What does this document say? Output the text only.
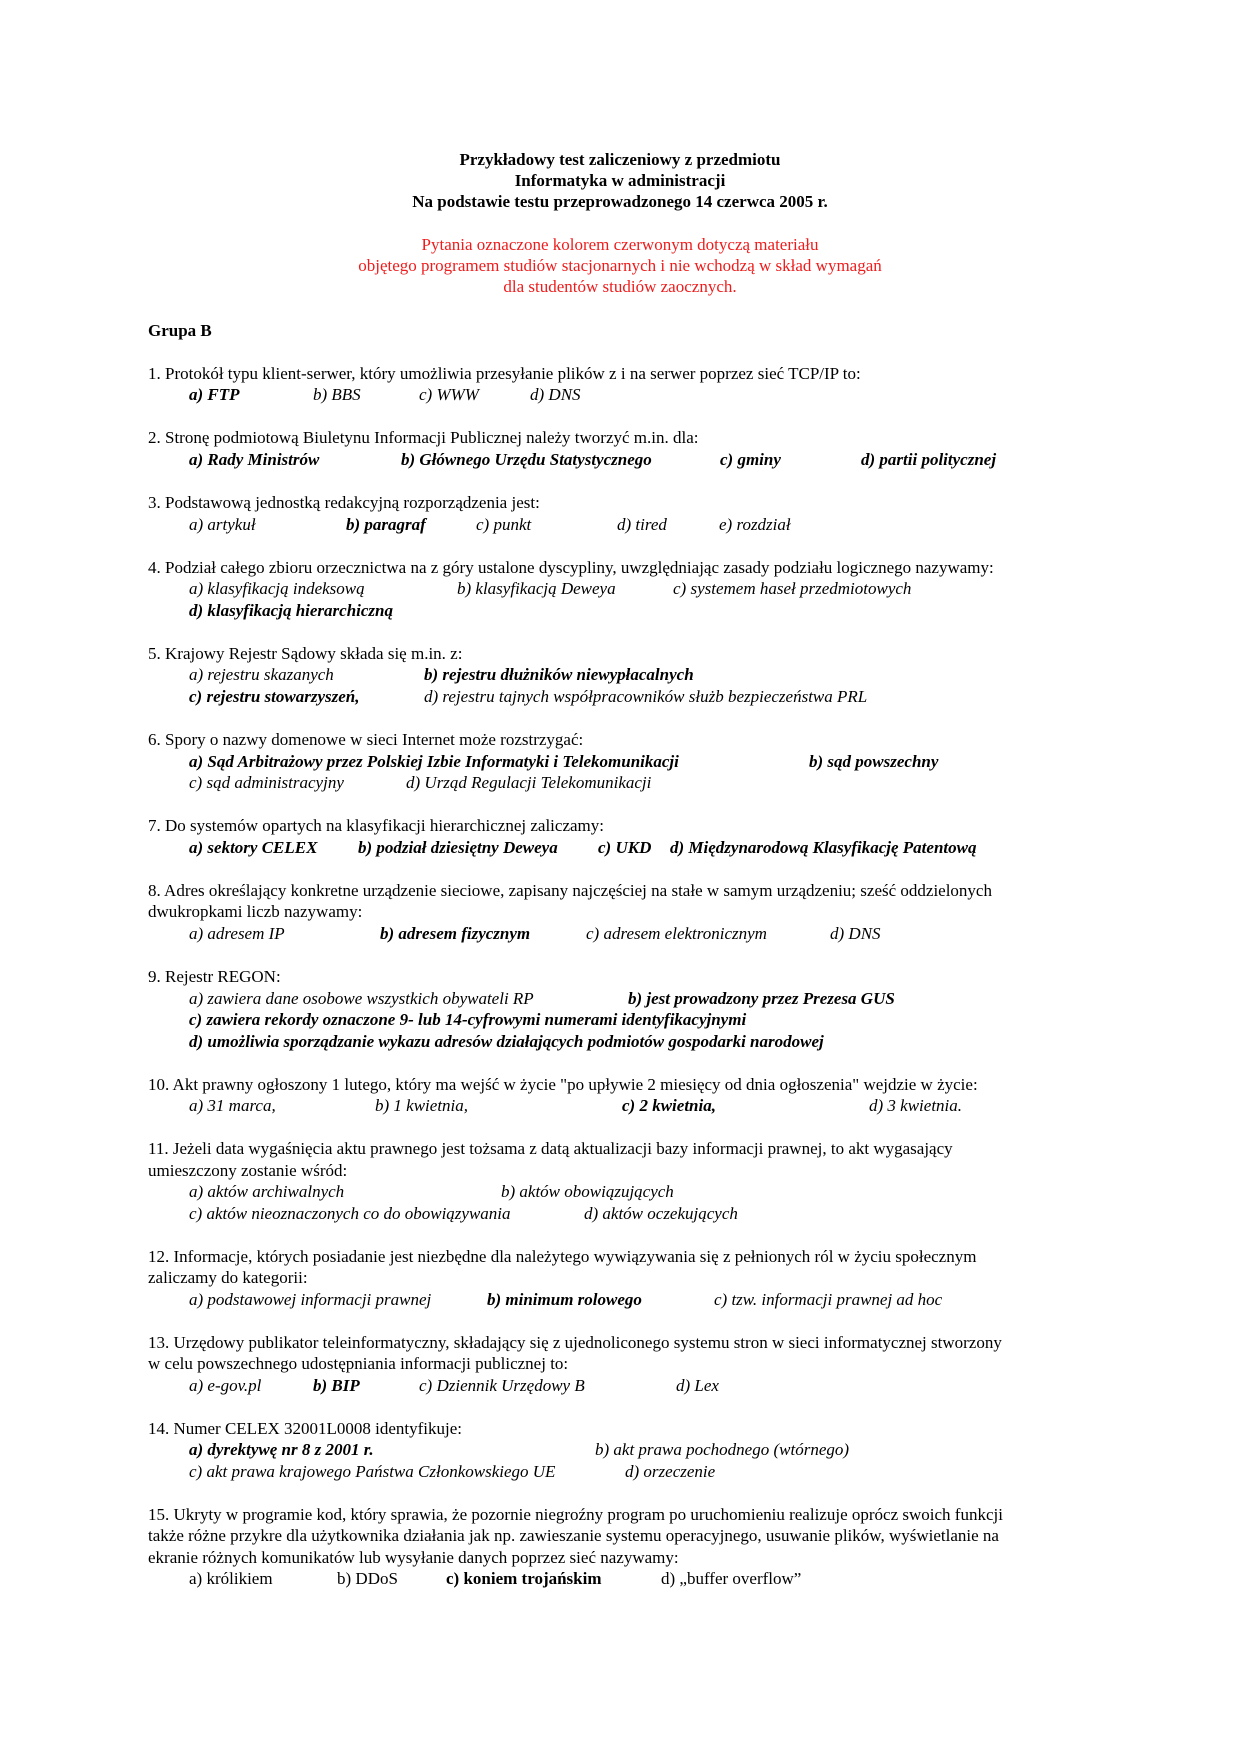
Przykładowy test zaliczeniowy z przedmiotu
Informatyka w administracji
Na podstawie testu przeprowadzonego 14 czerwca 2005 r.
Pytania oznaczone kolorem czerwonym dotyczą materiału
objętego programem studiów stacjonarnych i nie wchodzą w skład wymagań
dla studentów studiów zaocznych.
Grupa B
1. Protokół typu klient-serwer, który umożliwia przesyłanie plików z i na serwer poprzez sieć TCP/IP to:
a) FTP	b) BBS	c) WWW	d) DNS
2. Stronę podmiotową Biuletynu Informacji Publicznej należy tworzyć m.in. dla:
a) Rady Ministrów	b) Głównego Urzędu Statystycznego	c) gminy	d) partii politycznej
3. Podstawową jednostką redakcyjną rozporządzenia jest:
a) artykuł	b) paragraf	c) punkt	d) tired	e) rozdział
4. Podział całego zbioru orzecznictwa na z góry ustalone dyscypliny, uwzględniając zasady podziału logicznego nazywamy:
a) klasyfikacją indeksową	b) klasyfikacją Deweya	c) systemem haseł przedmiotowych
d) klasyfikacją hierarchiczną
5. Krajowy Rejestr Sądowy składa się m.in. z:
a) rejestru skazanych	b) rejestru dłużników niewypłacalnych
c) rejestru stowarzyszeń,	d) rejestru tajnych współpracowników służb bezpieczeństwa PRL
6. Spory o nazwy domenowe w sieci Internet może rozstrzygać:
a) Sąd Arbitrażowy przez Polskiej Izbie Informatyki i Telekomunikacji	b) sąd powszechny
c) sąd administracyjny	d) Urząd Regulacji Telekomunikacji
7. Do systemów opartych na klasyfikacji hierarchicznej zaliczamy:
a) sektory CELEX b) podział dziesiętny Deweya c) UKD d) Międzynarodową Klasyfikację Patentową
8. Adres określający konkretne urządzenie sieciowe, zapisany najczęściej na stałe w samym urządzeniu; sześć oddzielonych
dwukropkami liczb nazywamy:
a) adresem IP	b) adresem fizycznym	c) adresem elektronicznym	d) DNS
9. Rejestr REGON:
a) zawiera dane osobowe wszystkich obywateli RP	b) jest prowadzony przez Prezesa GUS
c) zawiera rekordy oznaczone 9- lub 14-cyfrowymi numerami identyfikacyjnymi
d) umożliwia sporządzanie wykazu adresów działających podmiotów gospodarki narodowej
10. Akt prawny ogłoszony 1 lutego, który ma wejść w życie "po upływie 2 miesięcy od dnia ogłoszenia" wejdzie w życie:
a) 31 marca,	b) 1 kwietnia,	c) 2 kwietnia,	d) 3 kwietnia.
11. Jeżeli data wygaśnięcia aktu prawnego jest tożsama z datą aktualizacji bazy informacji prawnej, to akt wygasający
umieszczony zostanie wśród:
a) aktów archiwalnych	b) aktów obowiązujących
c) aktów nieoznaczonych co do obowiązywania	d) aktów oczekujących
12. Informacje, których posiadanie jest niezbędne dla należytego wywiązywania się z pełnionych ról w życiu społecznym
zaliczamy do kategorii:
a) podstawowej informacji prawnej	b) minimum rolowego	c) tzw. informacji prawnej ad hoc
13. Urzędowy publikator teleinformatyczny, składający się z ujednoliconego systemu stron w sieci informatycznej stworzony
w celu powszechnego udostępniania informacji publicznej to:
a) e-gov.pl	b) BIP	c) Dziennik Urzędowy B	d) Lex
14. Numer CELEX 32001L0008 identyfikuje:
a) dyrektywę nr 8 z 2001 r.	b) akt prawa pochodnego (wtórnego)
c) akt prawa krajowego Państwa Członkowskiego UE	d) orzeczenie
15. Ukryty w programie kod, który sprawia, że pozornie niegroźny program po uruchomieniu realizuje oprócz swoich funkcji
także różne przykre dla użytkownika działania jak np. zawieszanie systemu operacyjnego, usuwanie plików, wyświetlanie na
ekranie różnych komunikatów lub wysyłanie danych poprzez sieć nazywamy:
a) królikiem	b) DDoS	c) koniem trojańskim	d) „buffer overflow”
